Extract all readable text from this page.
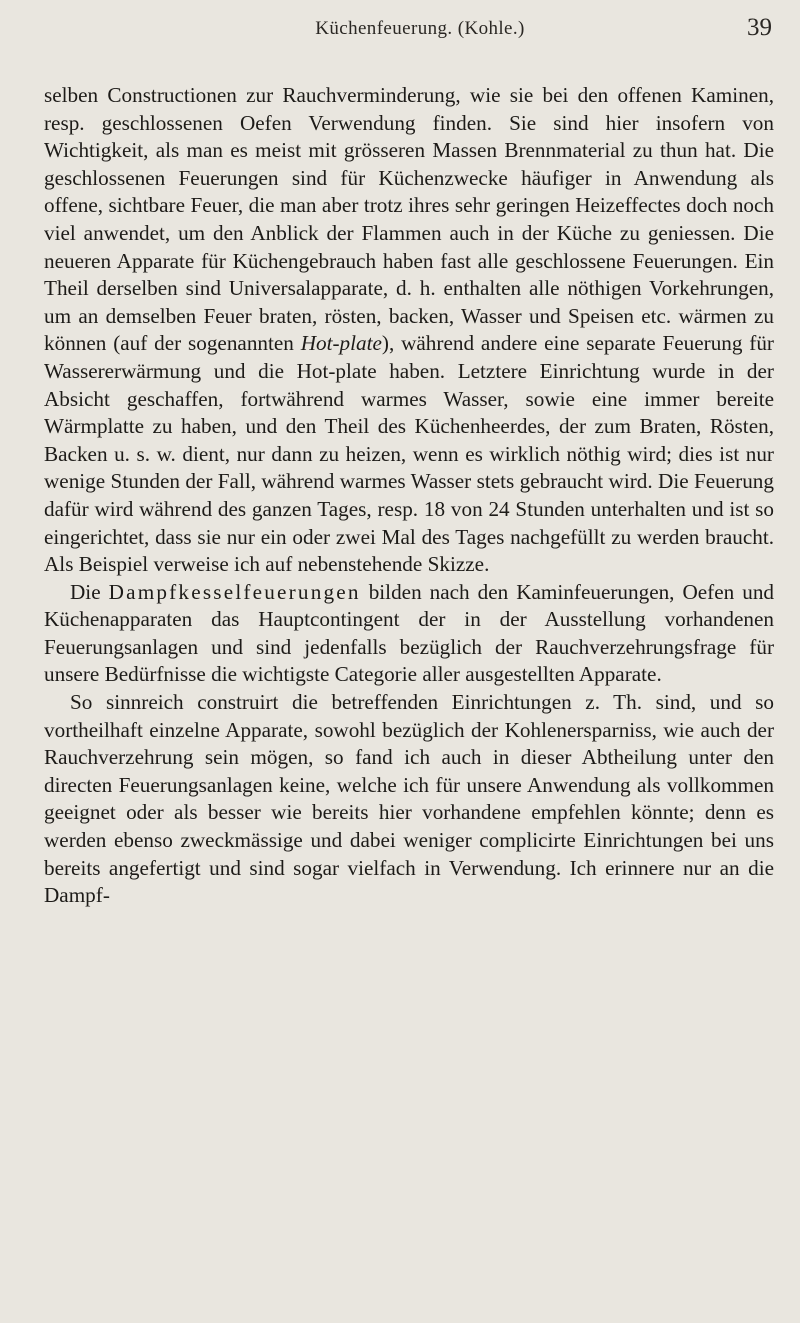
Küchenfeuerung. (Kohle.)	39

selben Constructionen zur Rauchverminderung, wie sie bei den offenen Kaminen, resp. geschlossenen Oefen Verwendung finden. Sie sind hier insofern von Wichtigkeit, als man es meist mit grösseren Massen Brennmaterial zu thun hat. Die geschlossenen Feuerungen sind für Küchenzwecke häufiger in Anwendung als offene, sichtbare Feuer, die man aber trotz ihres sehr geringen Heizeffectes doch noch viel anwendet, um den Anblick der Flammen auch in der Küche zu geniessen. Die neueren Apparate für Küchengebrauch haben fast alle geschlossene Feuerungen. Ein Theil derselben sind Universalapparate, d. h. enthalten alle nöthigen Vorkehrungen, um an demselben Feuer braten, rösten, backen, Wasser und Speisen etc. wärmen zu können (auf der sogenannten Hot-plate), während andere eine separate Feuerung für Wassererwärmung und die Hot-plate haben. Letztere Einrichtung wurde in der Absicht geschaffen, fortwährend warmes Wasser, sowie eine immer bereite Wärmplatte zu haben, und den Theil des Küchenheerdes, der zum Braten, Rösten, Backen u. s. w. dient, nur dann zu heizen, wenn es wirklich nöthig wird; dies ist nur wenige Stunden der Fall, während warmes Wasser stets gebraucht wird. Die Feuerung dafür wird während des ganzen Tages, resp. 18 von 24 Stunden unterhalten und ist so eingerichtet, dass sie nur ein oder zwei Mal des Tages nachgefüllt zu werden braucht. Als Beispiel verweise ich auf nebenstehende Skizze.

Die Dampfkesselfeuerungen bilden nach den Kaminfeuerungen, Oefen und Küchenapparaten das Hauptcontingent der in der Ausstellung vorhandenen Feuerungsanlagen und sind jedenfalls bezüglich der Rauchverzehrungsfrage für unsere Bedürfnisse die wichtigste Categorie aller ausgestellten Apparate.

So sinnreich construirt die betreffenden Einrichtungen z. Th. sind, und so vortheilhaft einzelne Apparate, sowohl bezüglich der Kohlenersparniss, wie auch der Rauchverzehrung sein mögen, so fand ich auch in dieser Abtheilung unter den directen Feuerungsanlagen keine, welche ich für unsere Anwendung als vollkommen geeignet oder als besser wie bereits hier vorhandene empfehlen könnte; denn es werden ebenso zweckmässige und dabei weniger complicirte Einrichtungen bei uns bereits angefertigt und sind sogar vielfach in Verwendung. Ich erinnere nur an die Dampf-
